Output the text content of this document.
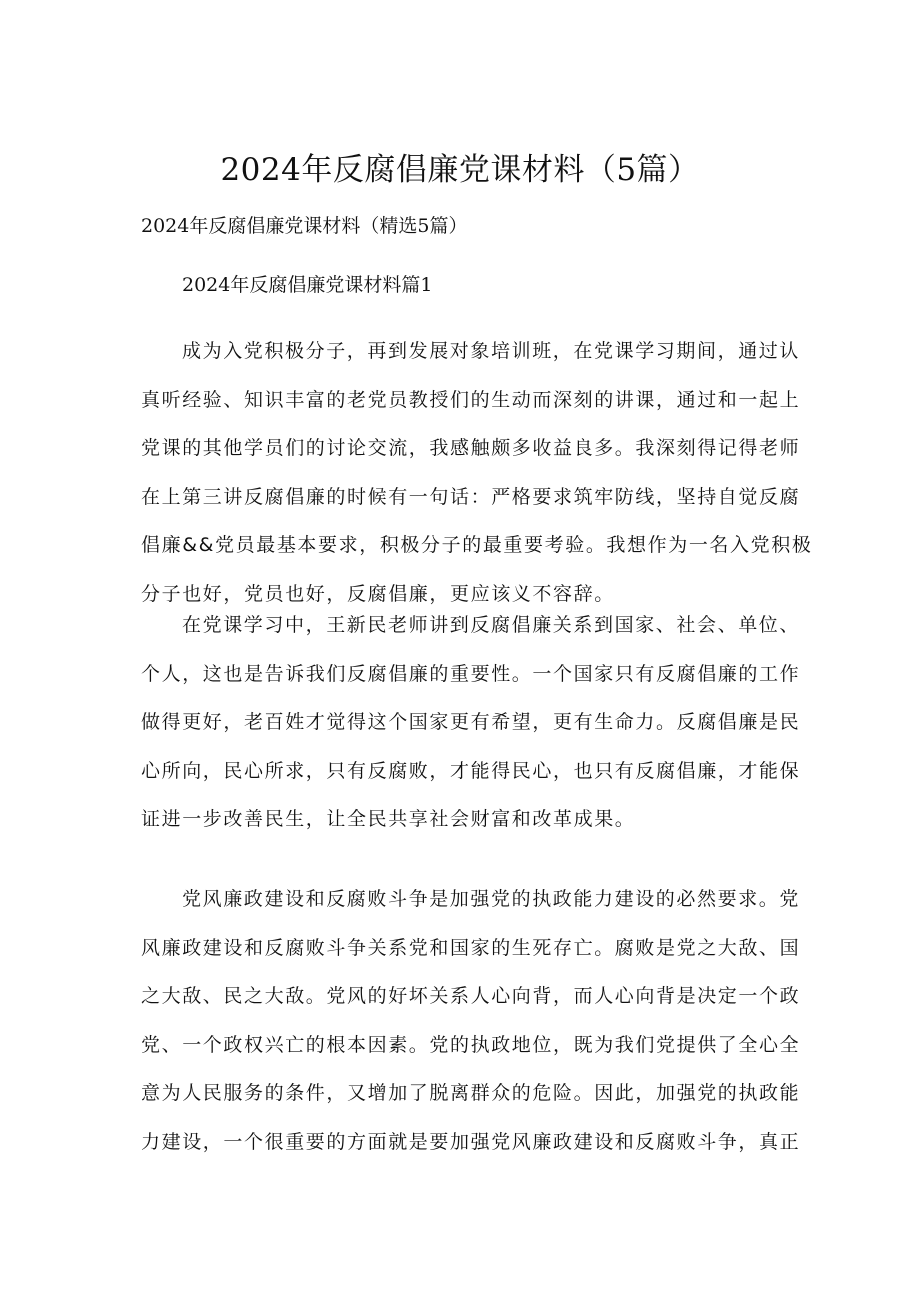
2024年反腐倡廉党课材料（5篇）
2024年反腐倡廉党课材料（精选5篇）
2024年反腐倡廉党课材料篇1
成为入党积极分子，再到发展对象培训班，在党课学习期间，通过认
真听经验、知识丰富的老党员教授们的生动而深刻的讲课，通过和一起上
党课的其他学员们的讨论交流，我感触颇多收益良多。我深刻得记得老师
在上第三讲反腐倡廉的时候有一句话：严格要求筑牢防线，坚持自觉反腐
倡廉&&党员最基本要求，积极分子的最重要考验。我想作为一名入党积极
分子也好，党员也好，反腐倡廉，更应该义不容辞。
在党课学习中，王新民老师讲到反腐倡廉关系到国家、社会、单位、
个人，这也是告诉我们反腐倡廉的重要性。一个国家只有反腐倡廉的工作
做得更好，老百姓才觉得这个国家更有希望，更有生命力。反腐倡廉是民
心所向，民心所求，只有反腐败，才能得民心，也只有反腐倡廉，才能保
证进一步改善民生，让全民共享社会财富和改革成果。
党风廉政建设和反腐败斗争是加强党的执政能力建设的必然要求。党
风廉政建设和反腐败斗争关系党和国家的生死存亡。腐败是党之大敌、国
之大敌、民之大敌。党风的好坏关系人心向背，而人心向背是决定一个政
党、一个政权兴亡的根本因素。党的执政地位，既为我们党提供了全心全
意为人民服务的条件，又增加了脱离群众的危险。因此，加强党的执政能
力建设，一个很重要的方面就是要加强党风廉政建设和反腐败斗争，真正
